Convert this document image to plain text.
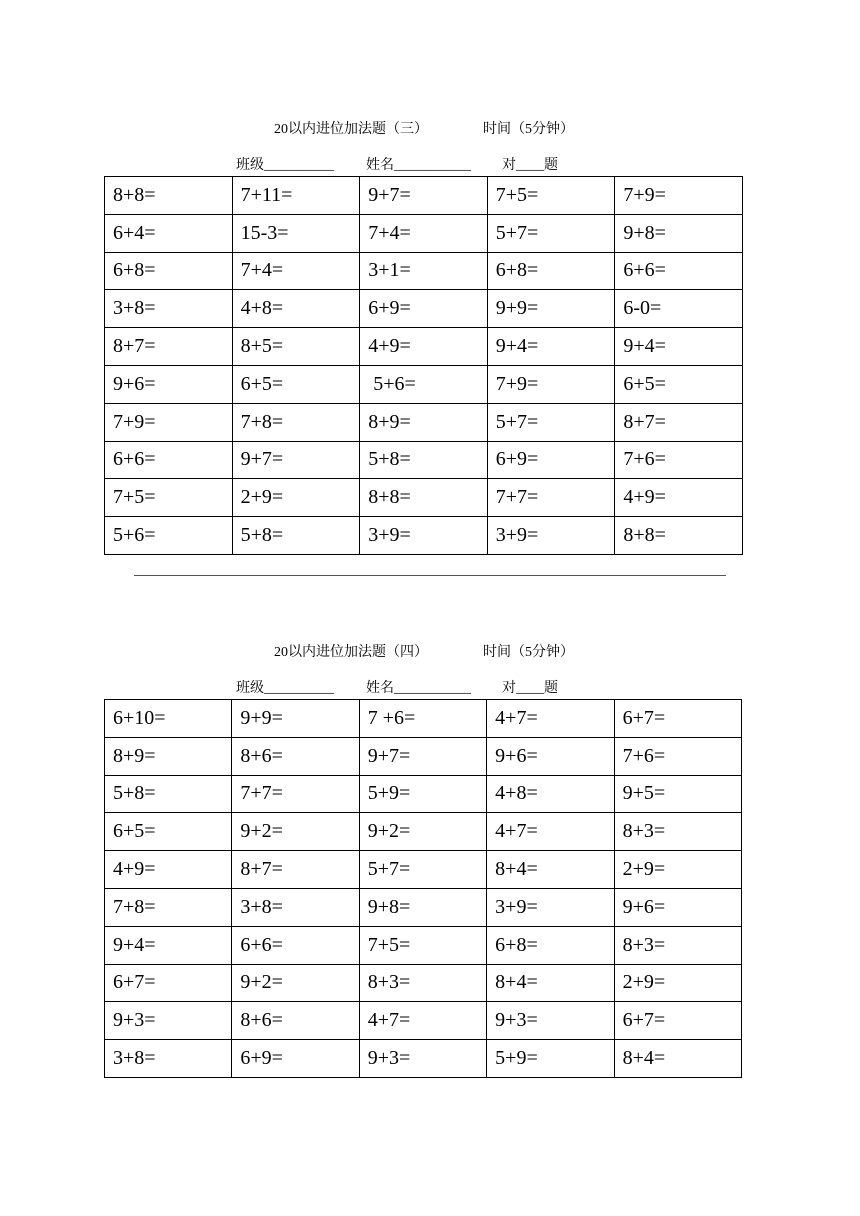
20以内进位加法题（三）	时间（5分钟）
班级__________ 姓名___________ 对____题
8+8=	7+11=	9+7=	7+5=	7+9=
6+4=	15-3=	7+4=	5+7=	9+8=
6+8=	7+4=	3+1=	6+8=	6+6=
3+8=	4+8=	6+9=	9+9=	6-0=
8+7=	8+5=	4+9=	9+4=	9+4=
9+6=	6+5=	5+6=	7+9=	6+5=
7+9=	7+8=	8+9=	5+7=	8+7=
6+6=	9+7=	5+8=	6+9=	7+6=
7+5=	2+9=	8+8=	7+7=	4+9=
5+6=	5+8=	3+9=	3+9=	8+8=
20以内进位加法题（四）	时间（5分钟）
班级__________ 姓名___________ 对____题
6+10=	9+9=	7 +6=	4+7=	6+7=
8+9=	8+6=	9+7=	9+6=	7+6=
5+8=	7+7=	5+9=	4+8=	9+5=
6+5=	9+2=	9+2=	4+7=	8+3=
4+9=	8+7=	5+7=	8+4=	2+9=
7+8=	3+8=	9+8=	3+9=	9+6=
9+4=	6+6=	7+5=	6+8=	8+3=
6+7=	9+2=	8+3=	8+4=	2+9=
9+3=	8+6=	4+7=	9+3=	6+7=
3+8=	6+9=	9+3=	5+9=	8+4=
